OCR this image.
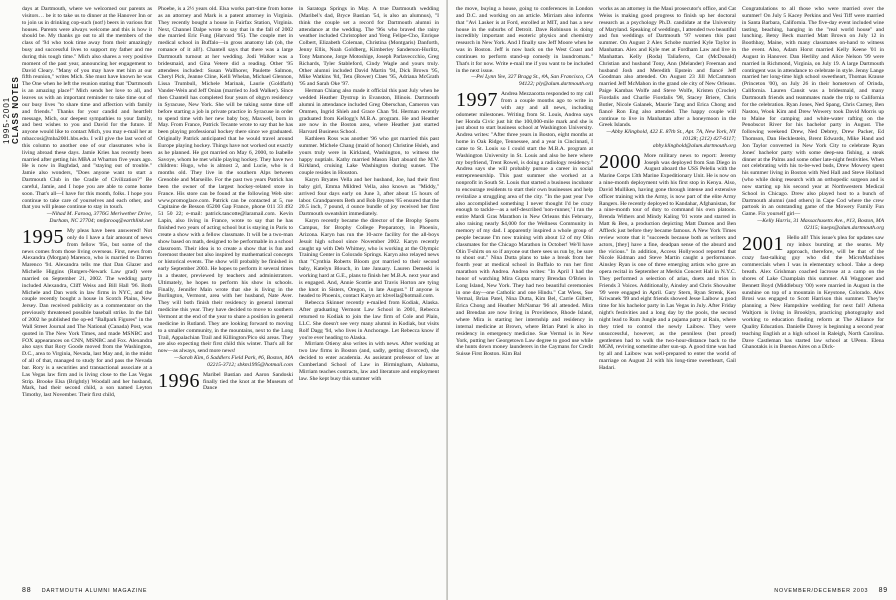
1995-2001  CLASS NOTES

days at Dartmouth, where we welcomed our parents as visitors… be it to take us to dinner at the Hanover Inn or to join us in drinking cop-such (not!) beers in various frat houses. Parents were always welcome and this is how it should be. My thanks go out to all the members of the class of '94 who took time away from their amazingly busy and successful lives to support my father and me during this tough time." Mich also shares a very positive moment of the past year, announcing her engagement to David Cleary. "Many of you may have met him at our fifth reunion," writes Mich. She must have known he was The One when he left the reunion stating that "Dartmouth is an amazing place!" Mich sends her love to all, and leaves us with an important reminder to take time out of our busy lives "to share time and affection with family and friends." Thanks for your candid and heartfelt message, Mich, our deepest sympathies to your family, and best wishes to you and David for the future. If anyone would like to contact Mich, you may e-mail her at mbaccosi@mba2001.hbs.edu. I will give the last word of this column to another one of our classmates who is living abroad these days. Jamie Kries has recently been married after getting his MBA at Wharton five years ago. He is now in Baghdad, and "staying out of trouble." Jamie also wonders, "Does anyone want to start a Dartmouth Club in the Cradle of Civilization?" Be careful, Jamie, and I hope you are able to come home soon. That's all—I have for this month, folks. I hope you continue to take care of yourselves and each other, and that you will please continue to stay in touch.

—Nihad M. Farooq, 3776G Meriwether Drive, Durham, NC 27704; nmfarooq@earthlink.net

1995 My pleas have been answered! Not only do I have a fair amount of news from fellow '95s, but some of the news comes from those living overseas. First, news from Alexandra (Morgan) Marenco, who is married to Darren Marenco '94. Alexandra tells me that Dan Glazer and Michelle Higgins (Rutgers-Newark Law grad) were married on September 21, 2002. The wedding party included Alexandra, Cliff Weiss and Bill Hall '96. Both Michele and Dan work in law firms in NYC, and the couple recently bought a house in Scotch Plains, New Jersey. Dan received publicity as a commentator on the previously threatened possible baseball strike. In the fall of 2002 he published the op-ed "Ballpark Figures" in the Wall Street Journal and The National (Canada) Post, was quoted in The New York Times, and made MSNBC and FOX appearances on CNN, MSNBC and Fox. Alexandra also says that Rory Goode moved from the Washington, D.C., area to Virginia, Nevada, last May and, in the midst of all of that, managed to study for and pass the Nevada bar. Rory is a securities and transactional associate at a Las Vegas law firm and is living close to the Las Vegas Strip. Brooke Elsa (Brightly) Woodall and her husband, Mark, had their second child, a son named Leyton Timothy, last November. Their first child,

Phoebe, is a 2½ years old. Elsa works part-time from home as an attorney and Mark is a patent attorney in Virginia. They recently bought a house in Fairfax Station, Virginia. Next, Channel Dalpe wrote to say that in the fall of 2002 she married Eric Fung (Harvard '95). The couple met in medical school in Buffalo—in gross anatomy lab (oh, the romance of it all!). Chantell says that there was a large Dartmouth turnout at her wedding. Jodi Walker was a bridesmaid, and Gina Vetere did a reading. Other '95 attendees included: Susan Wallhorer, Paulette Salmon, Cheryl Pick, Jeanne Cline, Kelli Whelan, Michael Glennon, Lissa Trumbull, Michele Marinak, Laurie (Goldfarb) Vander-Wein and Jeff Onian (married to Jodi Walker). Since then Chantell has completed four years of obgyn residency in Syracuse, New York. She will be taking some time off before starting a job in private practice in Syracuse in order to spend time with her new baby boy, Maxwell, born in May. From France, Patrick Tecante wrote to say that he has been playing professional hockey there since we graduated. Originally Patrick anticipated that he would travel around Europe playing hockey. Things have not worked out exactly as he planned. He got married on May 6, 2000, to Isabelle Savoye, whom he met while playing hockey. They have two children: Hugo, who is almost 2, and Lucie, who is 4 months old. They live in the southern Alps between Grenoble and Marseille. For the past two years Patrick has been the owner of the largest hockey-related store in France. His store can be found at the following Web site: www.promoglace.com. Patrick can be contacted at 5, rue Capitaine de Besson 05200 Gap France, phone 011 33 492 51 50 22; e-mail: patrick.tancotte@laramail.com. Kevin Lapin, also living in France, wrote to say that he has finished two years of acting school but is staying in Paris to create a show with a fellow classmate. It will be a two-man show based on math, designed to be performable in a school classroom. Their idea is to create a show that is fun and foremost theater but also inspired by mathematical concepts or historical events. The show will probably be finished in early September 2003. He hopes to perform it several times in a theater, previewed by teachers and administrators. Ultimately, he hopes to perform his show in schools. Finally, Jennifer Main wrote that she is living in the Burlington, Vermont, area with her husband, Nate Aver. They will both finish their residency in general internal medicine this year. They have decided to move to southern Vermont at the end of the year to share a position in general medicine in Rutland. They are looking forward to moving to a smaller community, in the mountains, next to the Long Trail, Appalachian Trail and Killington/Pico ski areas. They are also expecting their first child this winter. That's all for now—as always, send more news!

—Sarah Kim, 6 Saddlers Field Park, #6, Boston, MA 02215-3712; sbkm1995@hotmail.com

1996 Maribel Bastian and Aaron Sandoski finally tied the knot at the Museum of Dance

in Saratoga Springs in May. A true Dartmouth wedding (Maribel's dad, Bryce Bastian '54, is also an alumnus), "I think the couple set a record for Dartmouth alumni in attendance at the wedding. The '96s who braved the rainy weather included Christopher and Yeng Felipe-Cho, Enrique Colbert, Elizabeth Coleman, Christina (Montgaris) Danforth, Jenny Ellis, Noah Goldberg, Kimberley Sanderson-Hurlitz, Tony Mamone, Jorge Motoshige, Joseph Parlaveccchio, Greg Richards, Tyler Stableford, Cindy Wagle and yours truly. Other alumni included David Martin '94, Dick Brown '95, Mike Watkins '84, Tetu (Bower) Claes '95, Adriana McGrath '95 and Sarah Oke '97.

Herman Chiang also made it official this past July when he wedded Heather Dystrup in Evanston, Illinois. Dartmouth alumni in attendance included Greg Oberschan, Cameron van Ommen, Ingrid Shieh and Grace Chan '94. Herman recently graduated from Kellogg's M.B.A. program. He and Heather are now in the Boston area, where Heather just started Harvard Business School.

Kathleen Ross was another '96 who got married this past summer. Michele Chang (maid of honor) Christine Hsieh, and yours truly were in Kirkland, Washington, to witness the happy nuptials. Kathy married Mason Hart aboard the M.V. Kirkland, cruising Lake Washington during sunset. The couple resides in Houston.

Karyn Bryates Vella and her husband, Joe, had their first baby girl, Emma Mildred Vella, also known as "Middy," arrived four days early on June 3, after about 15 hours of labor. Grandparents Beth and Bob Bryates '65 ensured that the 20.5 inch, 7 pound, 4 ounce bundle of joy received her first Dartmouth sweatshirt immediately.

Karyn recently became the director of the Brophy Sports Campus, for Brophy College Preparatory, in Phoenix, Arizona. Karyn has run the 10-acre facility for the all-boys Jesuit high school since November 2002. Karyn recently caught up with Deb Whitney, who is working at the Olympic Training Center in Colorado Springs. Karyn also relayed news that "Cynthia Roberts Bloom got married to their second baby, Katelyn Blouch, in late January. Lauren Demeski is working hard at G.E., plans to finish her M.B.A. next year and is engaged. And, Annie Scottie and Travis Horton are tying the knot in Sisters, Oregon, in late August." If anyone is headed to Phoenix, contact Karyn at: kbvella@hotmail.com.

Rebecca Skinner recently e-mailed from Kodiak, Alaska. After graduating Vermont Law School in 2001, Rebecca returned to Kodiak to join the law firm of Cole and Plain, LLC. She doesn't see very many alumni in Kodiak, but visits Rolf Dagg '94, who lives in Anchorage. Let Rebecca know if you're ever heading to Alaska.

Mirriam Otieny also writes in with news. After working at two law firms in Boston (and, sadly, getting divorced), she decided to enter academia. As assistant professor of law at Cumberland School of Law in Birmingham, Alabama, Mirriam teaches contracts, law and literature and employment law. She kept busy this summer with

88 DARTMOUTH ALUMNI MAGAZINE

the move, buying a house, going to conferences in London and D.C. and working on an article. Mirriam also informs that "Avi Lasker is at Ford, enrolled at MIT, and has a new house in the suburbs of Detroit. Dave Robinson is doing incredibly important and esoteric physics and chemistry research in New York. And I finally saw Jeff Moore when he was in Boston. Jeff is now back on the West Coast and continues to perform stand-up comedy in laundromats." That's it for now. Write e-mail me if you want to be included in the next issue.

—Pei Lynn Yee, 327 Bragg St., #A, San Francisco, CA 94122; ply@alum.dartmouth.org

1997 Andrea Mezzacotta responded to my call from a couple months ago to write in with any and all news, including odometer milestones. Writing from St. Louis, Andrea says her Honda Civic just hit the 100,000-mile mark and she is just about to start business school at Washington University. Andrea writes: "After three years in Boston, eight months at home in Oak Ridge, Tennessee, and a year in Cincinnati, I came to St. Louis so I could start the M.B.A. program at Washington University in St. Louis and also be here where my boyfriend, Trent Rowel, is doing a radiology residency." Andrea says she will probably pursue a career in social entrepreneurship. This past summer she worked at a nonprofit in South St. Louis that started a business incubator to encourage residents to start their own businesses and help revitalize a struggling area of the city. "In the past year I've also accomplished something I never thought I'd be crazy enough to tackle—as a self-described 'non-runner,' I ran the entire Mardi Gras Marathon in New Orleans this February, also raising nearly $4,000 for the Wellness Community in memory of my dad. I apparently inspired a whole group of people because I'm now training with about 12 of my Olin classmates for the Chicago Marathon in October! We'll have Olin T-shirts on so if anyone out there sees us run by, be sure to shout out." Nina Dutta plans to take a break from her fourth year at medical school in Buffalo to run her first marathon with Andrea. Andrea writes: "In April I had the honor of watching Mira Gupta marry Brendan O'Brien in Long Island, New York. They had two beautiful ceremonies in one day—one Catholic and one Hindu." Cat Wiess, Sue Vermal, Brian Patel, Nina Dutta, Kim Bel, Carrie Gilbert, Erica Chong and Heather McNamar '96 all attended. Mira and Brendan are now living in Providence, Rhode Island, where Mira is starting her internship and residency in internal medicine at Brown, where Brian Patel is also in residency in emergency medicine. Sue Vermal is in New York, putting her Georgetown Law degree to good use while she hunts down money launderers in the Caymans for Credit Suisse First Boston. Kim Bal

works as an attorney in the Maui prosecutor's office, and Cat Weiss is making good progress to finish up her doctoral research as a psychology Ph.D. candidate at the University of Maryland. Speaking of weddings, I attended two beautiful and fun weddings of Dartmouth '97 women this past summer. On August 2 Alex Schobe married Kyle Taylor in Manhattan. Alex and Kyle met at Fordham Law and live in Manhattan. Kelly (Roda) Taliaferro, Cat (McDonald) Christian and husband Tony, Ann (Melander) Freeman and husband Josh and Meredith Epstein and fiancé Jeff Goodman also attended. On August 23 Jill McCammon married Jeff McMahon in the grand ole city of New Orleans. Paige Kambas Wolfe and Steve Wolfe, Kristen (Crocke) Fiordalis and Charlie Fiordalis '98, Stacey Briere, Chris Butler, Nicole Galanek, Maurie Tang and Erica Chong and fiancé Ron Eng also attended. The happy couple will continue to live in Manhattan after a honeymoon in the Greek Islands.

—Abby Klinghold, 422 E. 87th St., Apt. 7A, New York, NY 10128; (212) 427-6117; abby.klinghold@alum.dartmouth.org

2000 More military news to report: Jeremy Joseph was deployed from San Diego in August aboard the USS Peleliu with the Marine Corps 13th Marine Expeditionary Unit. He is now on a nine-month deployment with his first stop in Kenya. Also, David Mulliken, having gone through intense and extensive officer training with the Army, is now part of the elite Army Rangers. He recently deployed to Kandahar, Afghanistan, for a nine-month tour of duty to command his own platoon. Brenda Withers and Mindy Kaling '01 wrote and starred in Matt & Ben, a production depicting Matt Damon and Ben Affleck just before they became famous. A New York Times review wrote that it "succeeds because both as writers and actors, [they] have a fine, deadpan sense of the absurd and the vicious." In addition, Access Hollywood reported that Nicole Kidman and Steve Martin caught a performance. Ainsley Ryan is one of three emerging artists who gave an opera recital in September at Merkin Concert Hall in N.Y.C. They performed a selection of arias, duets and trios in Friends 3 Voices. Additionally, Ainsley and Chris Showalter '99 were engaged in April. Gary Stern, Ryan Strenk, Ken Kriwanek '99 and eight friends showed Jesse Laibow a good time for his bachelor party in Las Vegas in July. After Friday night's festivities and a long day by the pools, the second night lead to Rum Jungle and a pajama party at Rain, where they tried to control the newly Laibow. They were unsuccessful, however, as the penniless (but proud) gentlemen had to walk the two-hour-distance back to the MGM, reviving sometime after sun-up. A good time was had by all and Laibow was well-prepared to enter the world of marriage on August 24 with his long-time sweetheart, Gail Hadari.

Congratulations to all those who were married over the summer! On July 5 Kacey Perkins and Vesi Tiff were married in Santa Barbara, California. The five-day event included wine tasting, beaching, hanging in the "real world house" and lunching. Betsy Beck married Matt Brown on July 12 in Boothbay, Maine, with many classmates on-hand to witness the event. Also, Adam Horst married Kelly Keene '01 in August in Hanover. Dan Herlihy and Alice Nelson '99 were married in Richmond, Virginia, on July 19. A large Dartmouth contingent was in attendance to celebrate in style. Jenny Lange married her long-time high school sweetheart, Thomas Krause (Princeton '00), on July 26 in their hometown of Orinda, California. Lauren Cansit was a bridesmaid, and many Dartmouth friends and teammates made the trip to California for the celebration. Ryan Jones, Ned Spang, Chris Carney, Ben Nastou, Wook Kim and Drew Wowery took David Morris up to Maine for camping and white-water rafting on the Penobscot River for his bachelor party in August. The following weekend Drew, Ned Debrey, Drew Packer, Ed Thomson, Dan Hecklestein, Brent Edwards, Mike Hand and Jon Taylor converted in New York City to celebrate Ryan Jones' bachelor party with some deep-sea fishing, a steak dinner at the Palms and some other late-night festivities. When not celebrating with his to-be-wed buds, Drew Mowery spent his summer living in Boston with Ned Hall and Steve Holland (who while doing research with an orthopedic surgeon and is now starting up his second year at Northwestern Medical School in Chicago. Drew also played host to a bunch of Dartmouth alumni (and others) in Cape Cod where the crew partook in an outstanding game of the Mowery Family Fun Game. Fix yourself girl—

—Kelly Harris, 31 Massachusetts Ave., #13, Boston, MA 02115; kaepx@alum.dartmouth.org

2001 Hello all! This issue's plea for updates saw my inbox bursting at the seams. My approach, therefore, will be that of the crazy fast-talking guy who did the MicroMachines commercials when I was in elementary school. Take a deep breath. Alex Grishman coached lacrosse at a camp on the shores of Lake Champlain this summer. Ali Waggoner and Bennett Boyd (Middlebury '00) were married in August in the sunshine on top of a mountain in Keystone, Colorado. Alex Brosi was engaged to Scott Harrison this summer. They're planning a New Hampshire wedding for next fall! Athena Waltjorn is living in Brooklyn, practicing photography and working to education finding reform at The Alliance for Quality Education. Danielle Davey is beginning a second year teaching English at a high school in Raleigh, North Carolina. Dave Castleman has started law school at UPenn. Elena Ghanotakis is in Buenos Aires on a Dick-
NOVEMBER/DECEMBER 2003 89
